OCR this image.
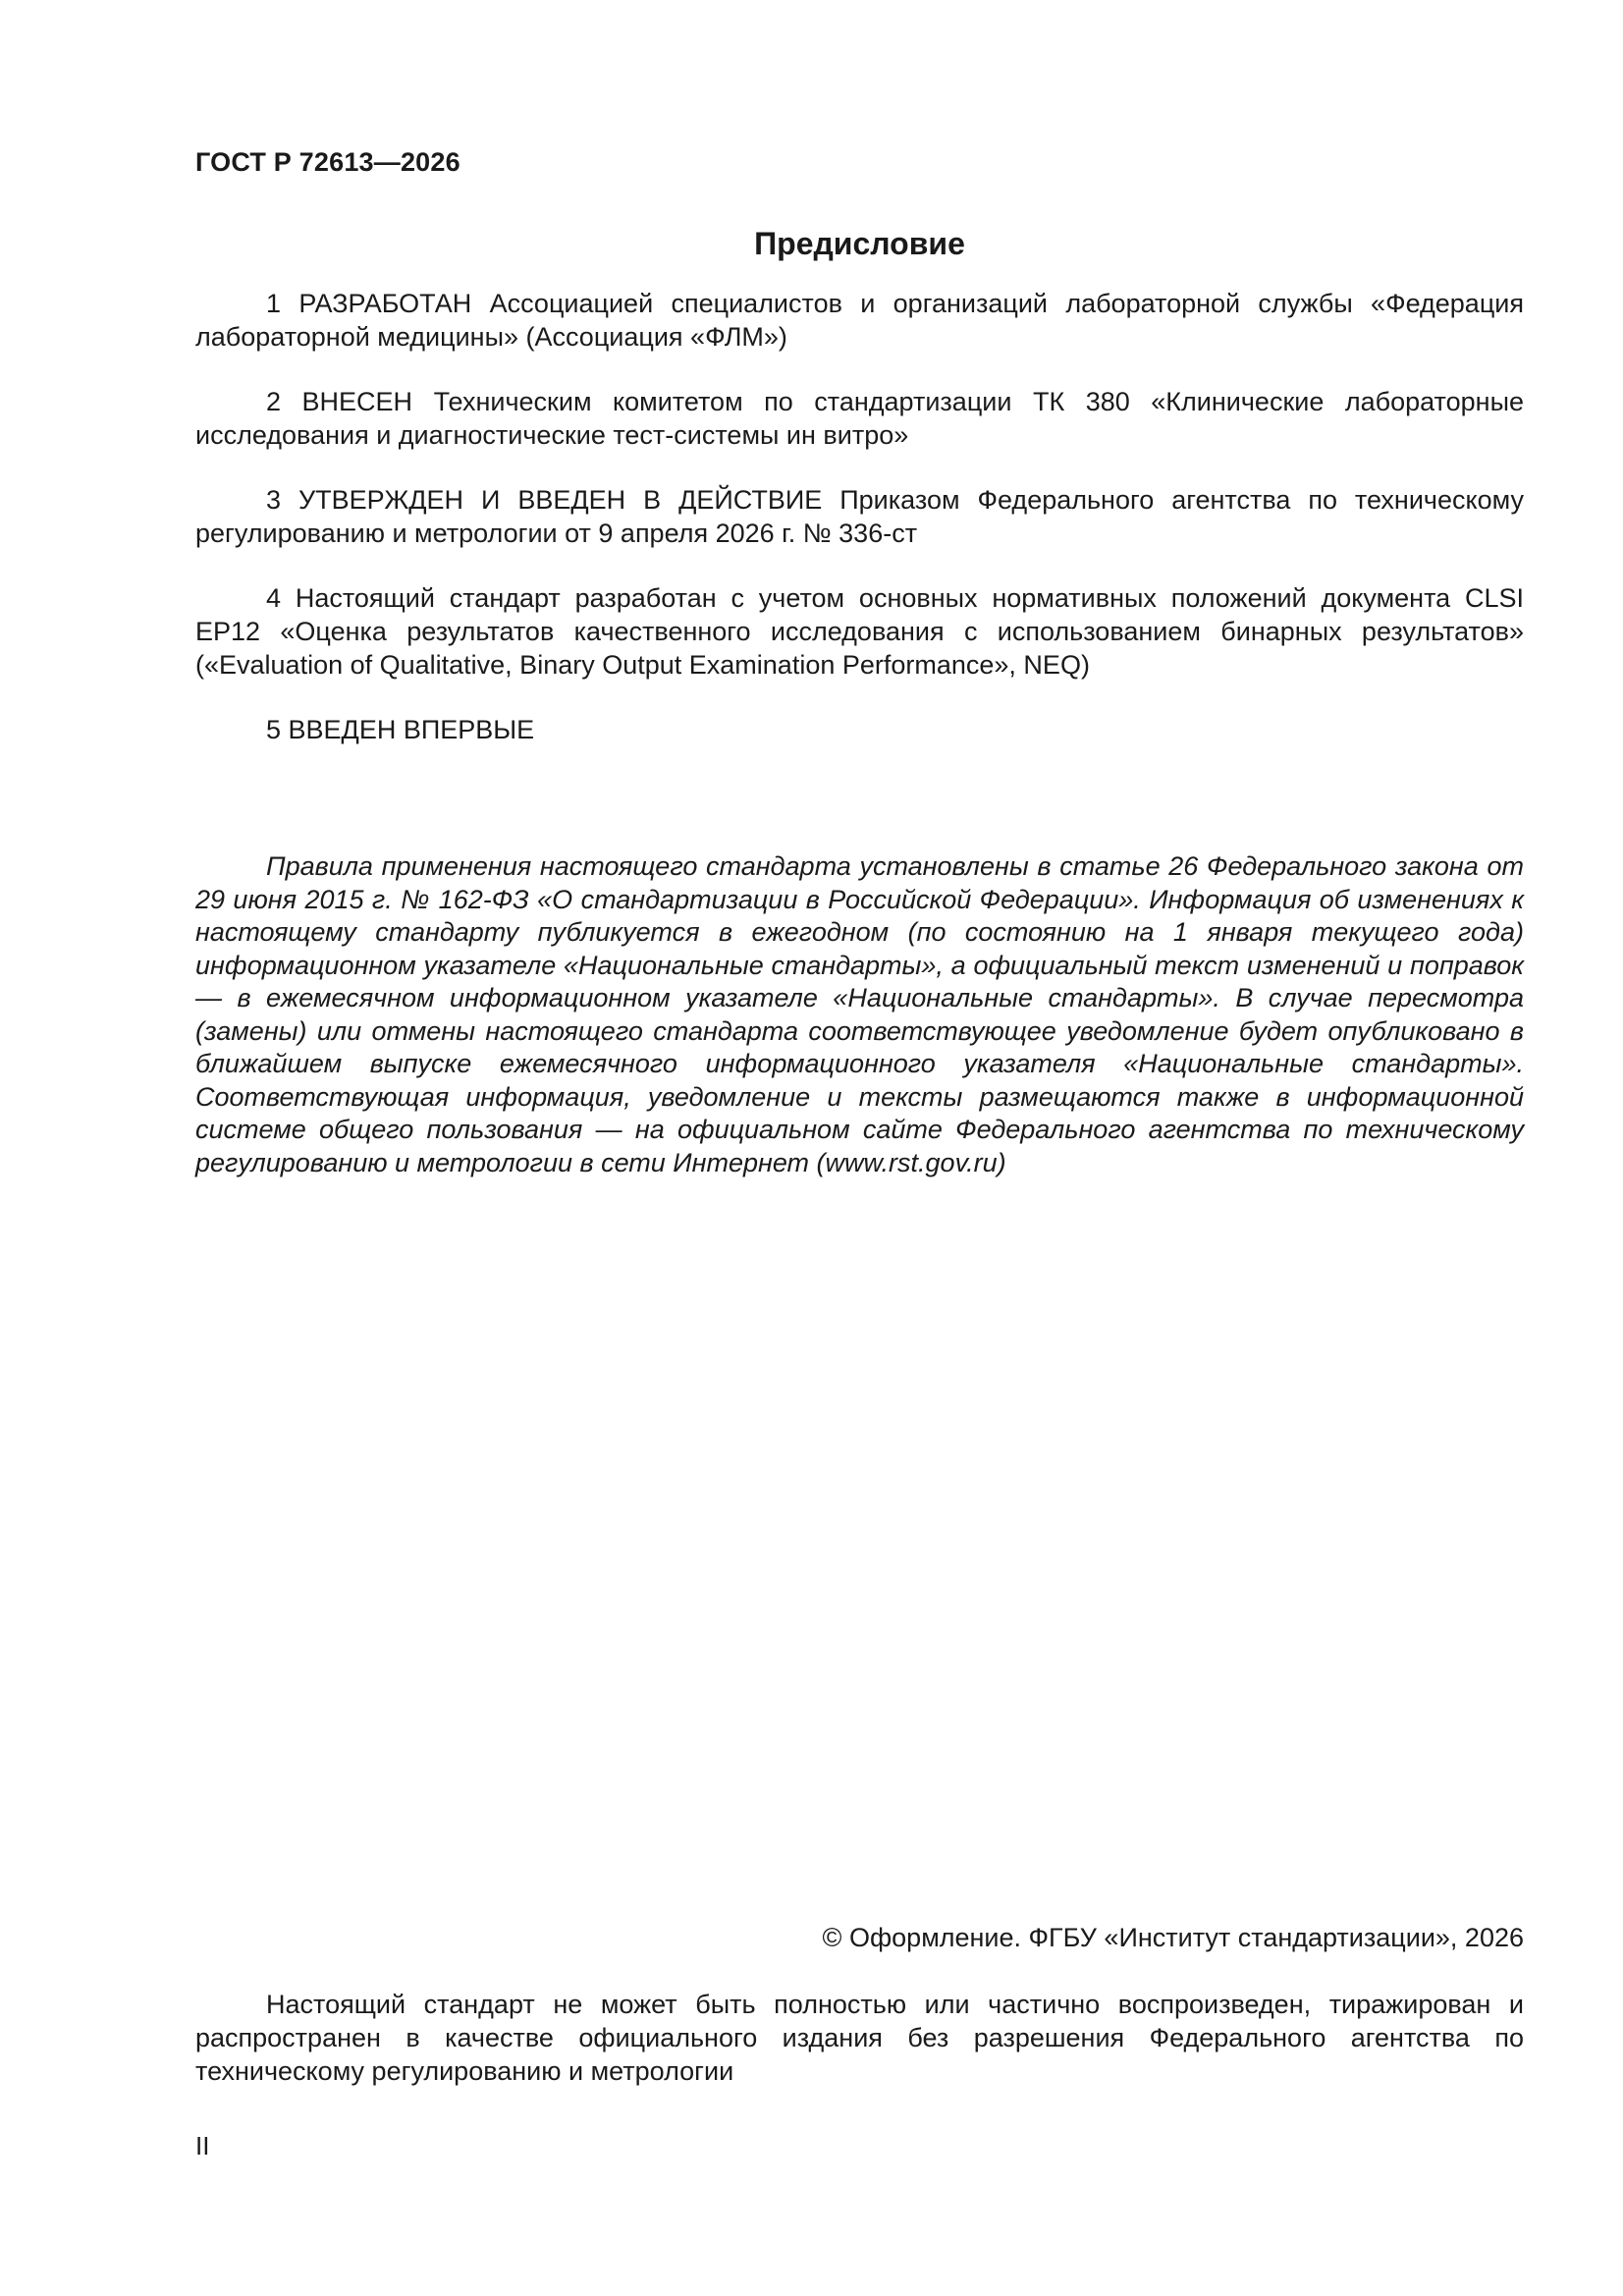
ГОСТ Р 72613—2026
Предисловие

1 РАЗРАБОТАН Ассоциацией специалистов и организаций лабораторной службы «Федерация лабораторной медицины» (Ассоциация «ФЛМ»)

2 ВНЕСЕН Техническим комитетом по стандартизации ТК 380 «Клинические лабораторные исследования и диагностические тест-системы ин витро»

3 УТВЕРЖДЕН И ВВЕДЕН В ДЕЙСТВИЕ Приказом Федерального агентства по техническому регулированию и метрологии от 9 апреля 2026 г. № 336-ст

4 Настоящий стандарт разработан с учетом основных нормативных положений документа CLSI EP12 «Оценка результатов качественного исследования с использованием бинарных результатов» («Evaluation of Qualitative, Binary Output Examination Performance», NEQ)

5 ВВЕДЕН ВПЕРВЫЕ

Правила применения настоящего стандарта установлены в статье 26 Федерального закона от 29 июня 2015 г. № 162-ФЗ «О стандартизации в Российской Федерации». Информация об изменениях к настоящему стандарту публикуется в ежегодном (по состоянию на 1 января текущего года) информационном указателе «Национальные стандарты», а официальный текст изменений и поправок — в ежемесячном информационном указателе «Национальные стандарты». В случае пересмотра (замены) или отмены настоящего стандарта соответствующее уведомление будет опубликовано в ближайшем выпуске ежемесячного информационного указателя «Национальные стандарты». Соответствующая информация, уведомление и тексты размещаются также в информационной системе общего пользования — на официальном сайте Федерального агентства по техническому регулированию и метрологии в сети Интернет (www.rst.gov.ru)

© Оформление. ФГБУ «Институт стандартизации», 2026

Настоящий стандарт не может быть полностью или частично воспроизведен, тиражирован и распространен в качестве официального издания без разрешения Федерального агентства по техническому регулированию и метрологии

II
